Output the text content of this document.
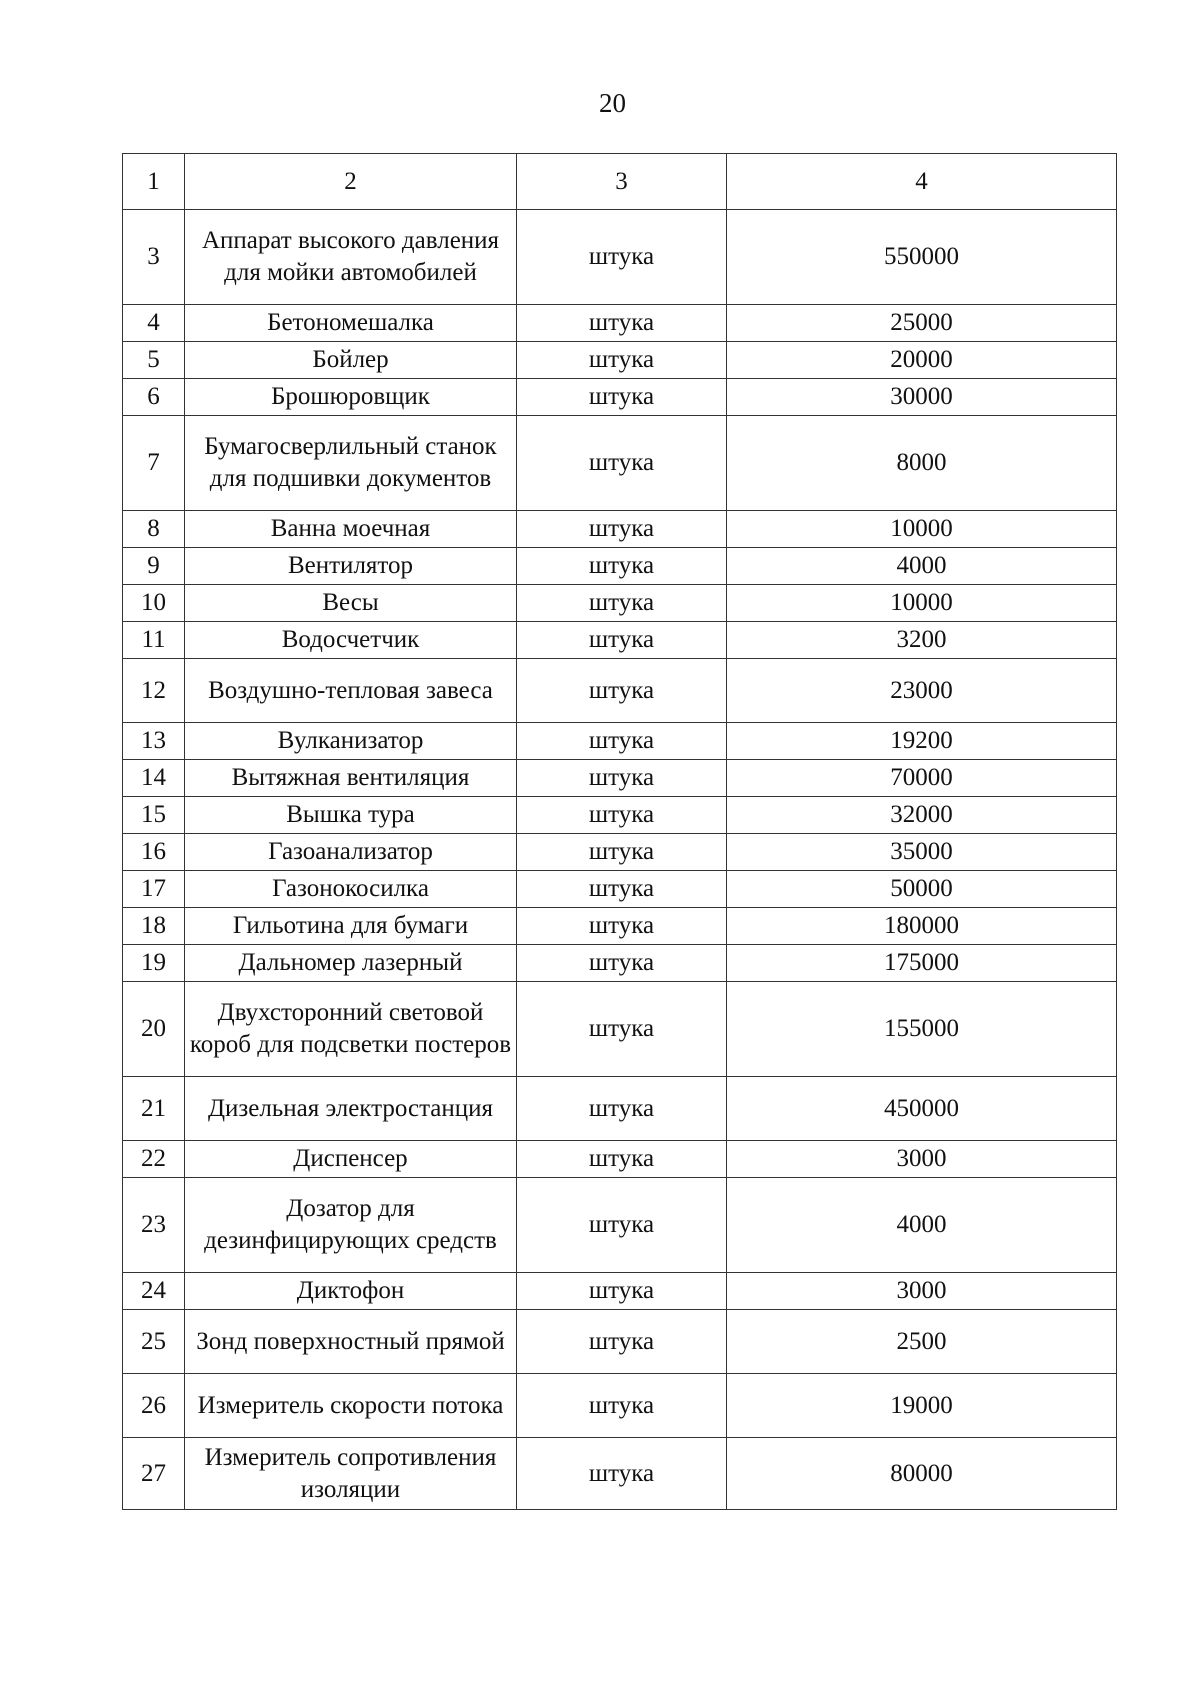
20
1	2	3	4
3	Аппарат высокого давления для мойки автомобилей	штука	550000
4	Бетономешалка	штука	25000
5	Бойлер	штука	20000
6	Брошюровщик	штука	30000
7	Бумагосверлильный станок для подшивки документов	штука	8000
8	Ванна моечная	штука	10000
9	Вентилятор	штука	4000
10	Весы	штука	10000
11	Водосчетчик	штука	3200
12	Воздушно-тепловая завеса	штука	23000
13	Вулканизатор	штука	19200
14	Вытяжная вентиляция	штука	70000
15	Вышка тура	штука	32000
16	Газоанализатор	штука	35000
17	Газонокосилка	штука	50000
18	Гильотина для бумаги	штука	180000
19	Дальномер лазерный	штука	175000
20	Двухсторонний световой короб для подсветки постеров	штука	155000
21	Дизельная электростанция	штука	450000
22	Диспенсер	штука	3000
23	Дозатор для дезинфицирующих средств	штука	4000
24	Диктофон	штука	3000
25	Зонд поверхностный прямой	штука	2500
26	Измеритель скорости потока	штука	19000
27	Измеритель сопротивления изоляции	штука	80000
